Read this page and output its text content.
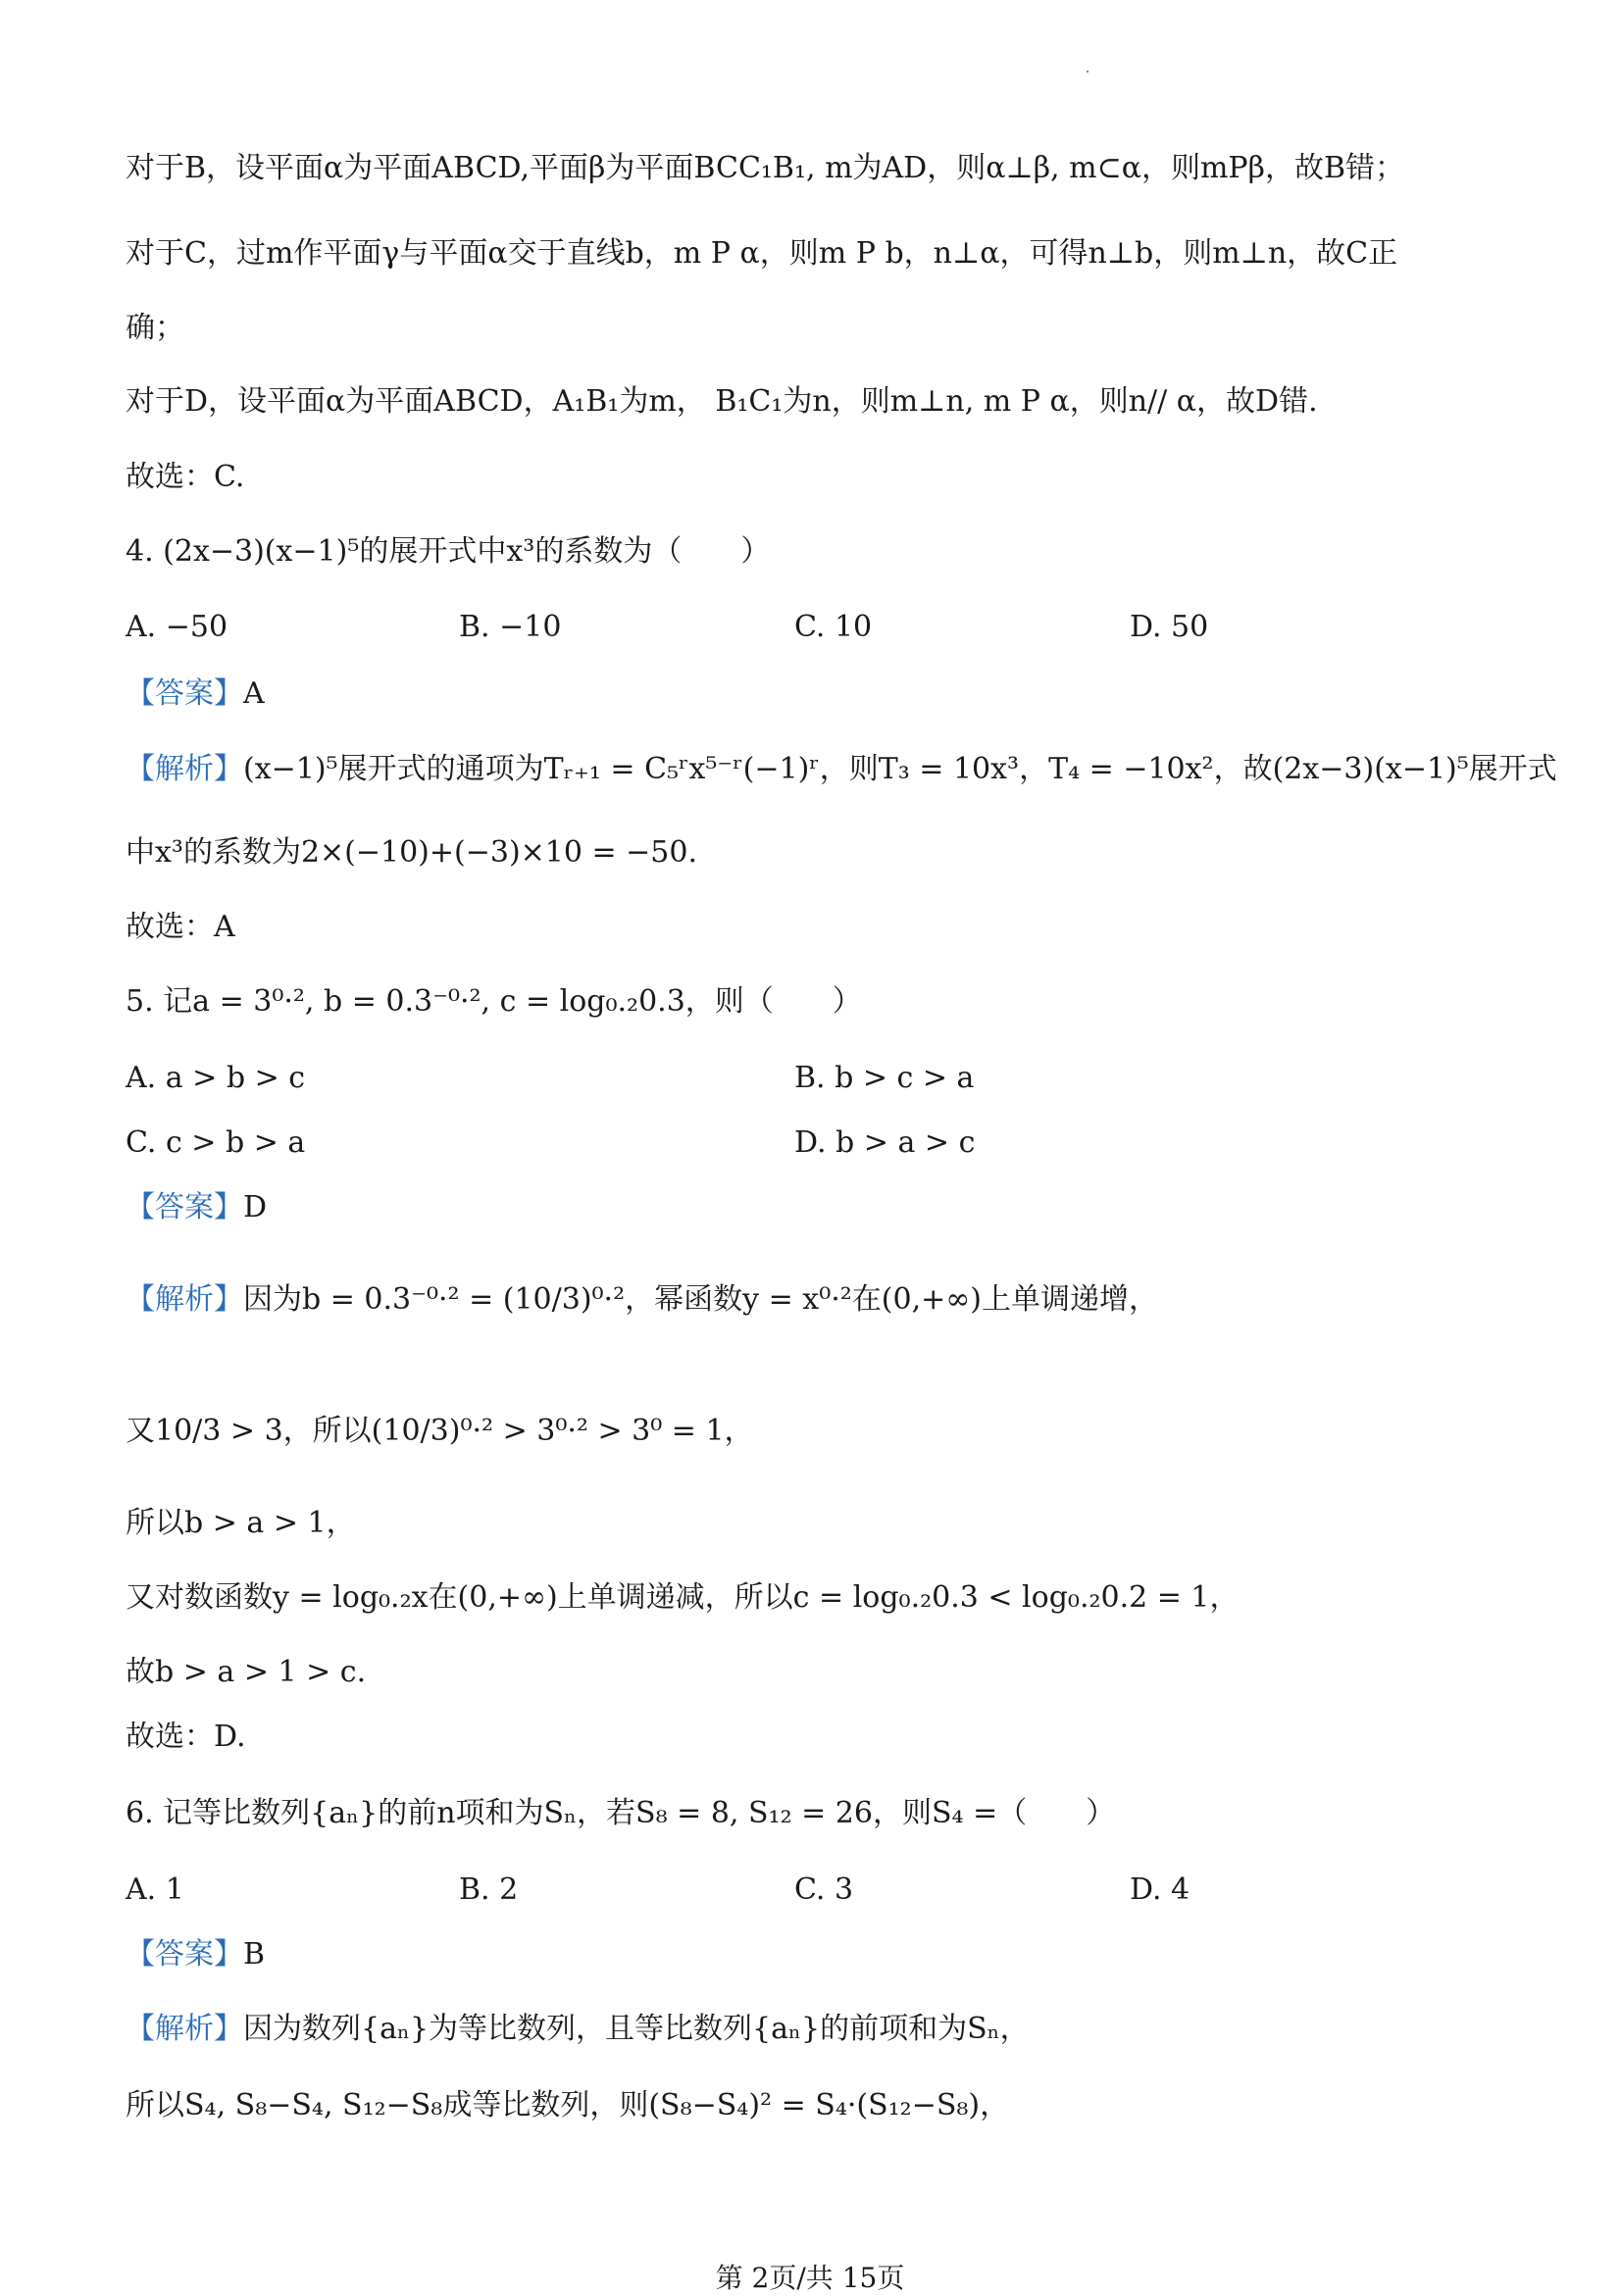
对于B，设平面α为平面ABCD,平面β为平面BCC₁B₁, m为AD，则α⊥β, m⊂α，则mPβ，故B错；
对于C，过m作平面γ与平面α交于直线b，m P α，则m P b，n⊥α，可得n⊥b，则m⊥n，故C正
确；
对于D，设平面α为平面ABCD，A₁B₁为m， B₁C₁为n，则m⊥n, m P α，则n// α，故D错.
故选：C.
4. (2x−3)(x−1)⁵的展开式中x³的系数为（　　）
A. −50	B. −10	C. 10	D. 50
【答案】A
【解析】(x−1)⁵展开式的通项为Tᵣ₊₁ = C₅ʳx⁵⁻ʳ(−1)ʳ，则T₃ = 10x³，T₄ = −10x²，故(2x−3)(x−1)⁵展开式
中x³的系数为2×(−10)+(−3)×10 = −50.
故选：A
5. 记a = 3⁰·², b = 0.3⁻⁰·², c = log₀.₂0.3，则（　　）
A. a > b > c	B. b > c > a
C. c > b > a	D. b > a > c
【答案】D
【解析】因为b = 0.3⁻⁰·² = (10/3)⁰·²，幂函数y = x⁰·²在(0,+∞)上单调递增，
又10/3 > 3，所以(10/3)⁰·² > 3⁰·² > 3⁰ = 1，
所以b > a > 1，
又对数函数y = log₀.₂x在(0,+∞)上单调递减，所以c = log₀.₂0.3 < log₀.₂0.2 = 1，
故b > a > 1 > c.
故选：D.
6. 记等比数列{aₙ}的前n项和为Sₙ，若S₈ = 8, S₁₂ = 26，则S₄ =（　　）
A. 1	B. 2	C. 3	D. 4
【答案】B
【解析】因为数列{aₙ}为等比数列，且等比数列{aₙ}的前项和为Sₙ，
所以S₄, S₈−S₄, S₁₂−S₈成等比数列，则(S₈−S₄)² = S₄·(S₁₂−S₈)，
第 2页/共 15页
